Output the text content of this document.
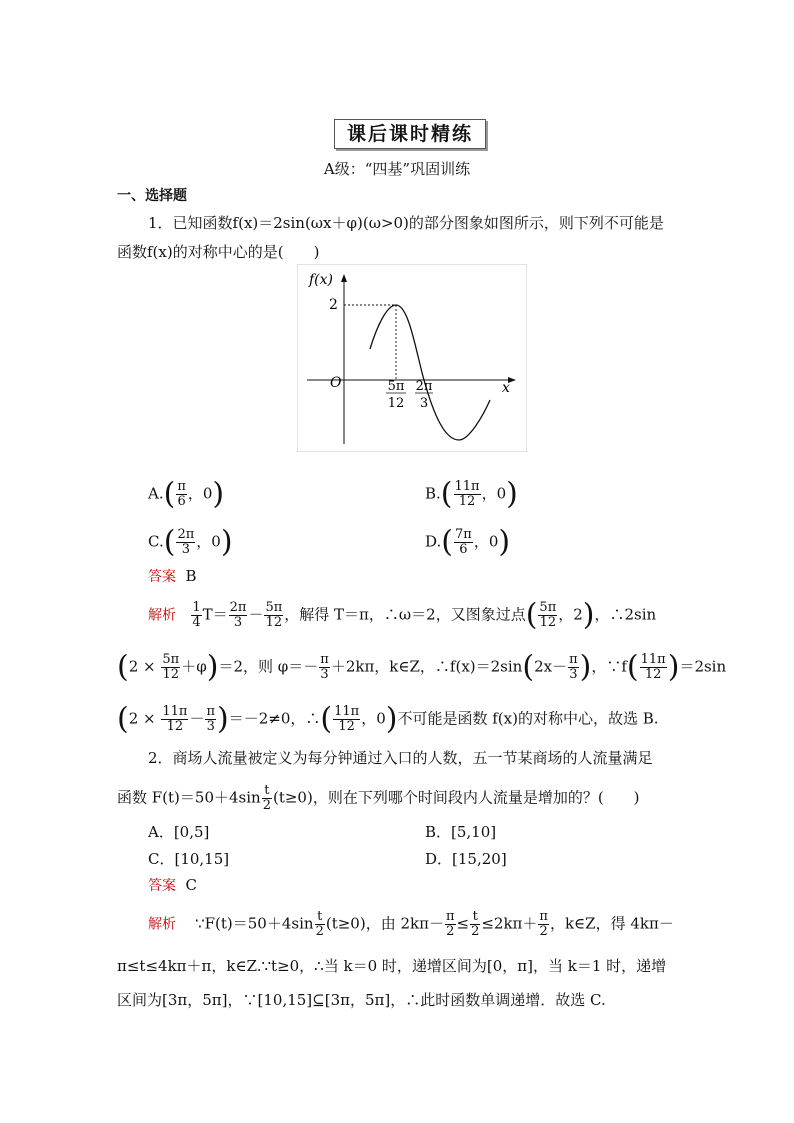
课后课时精练
A级：“四基”巩固训练
一、选择题
1．已知函数f(x)＝2sin(ωx＋φ)(ω>0)的部分图象如图所示，则下列不可能是
函数f(x)的对称中心的是(　　)
f(x)
2
O	x
5π
12
2π
3
$A.( \frac{\pi}{6}$ ，0)	$B.( \frac{11\pi}{12}$ ，0)
$C.( \frac{2\pi}{3}$ ，0)	$D.( \frac{7\pi}{6}$ ，0)
答案 B
解析 $\frac{1}{4} T= \frac{2\pi}{3} - \frac{5\pi}{12}$ ，解得 T＝π，∴ω＝2，又图象过点( $\frac{5\pi}{12}$ ，2)，∴2sin
$(2 \times \frac{5\pi}{12} +\varphi)=2$，则 $\varphi=- \frac{\pi}{3} +2k\pi$，k∈Z，∴f(x)＝2sin(2x－ $\frac{\pi}{3}$ )，∵f( $\frac{11\pi}{12} )=2\sin$
$(2 \times \frac{11\pi}{12} - \frac{\pi}{3} )=-2\ne 0$，∴( $\frac{11\pi}{12}$ ，0)不可能是函数 f(x)的对称中心，故选 B.
2．商场人流量被定义为每分钟通过入口的人数，五一节某商场的人流量满足
函数 $F(t)=50+4\sin \frac{t}{2} (t\ge 0)$，则在下列哪个时间段内人流量是增加的？(　　)
A．[0,5]	B．[5,10]
C．[10,15]	D．[15,20]
答案 C
解析 ∵F(t)＝50＋4sin $\frac{t}{2} (t\ge 0)$，由 $2k\pi- \frac{\pi}{2} \le \frac{t}{2} \le 2k\pi+ \frac{\pi}{2}$ ，k∈Z，得 4kπ－
π≤t≤4kπ＋π，k∈Z.∵t≥0，∴当 k＝0 时，递增区间为[0，π]，当 k＝1 时，递增
区间为[3π，5π]，∵[10,15]⊆[3π，5π]，∴此时函数单调递增．故选 C.
